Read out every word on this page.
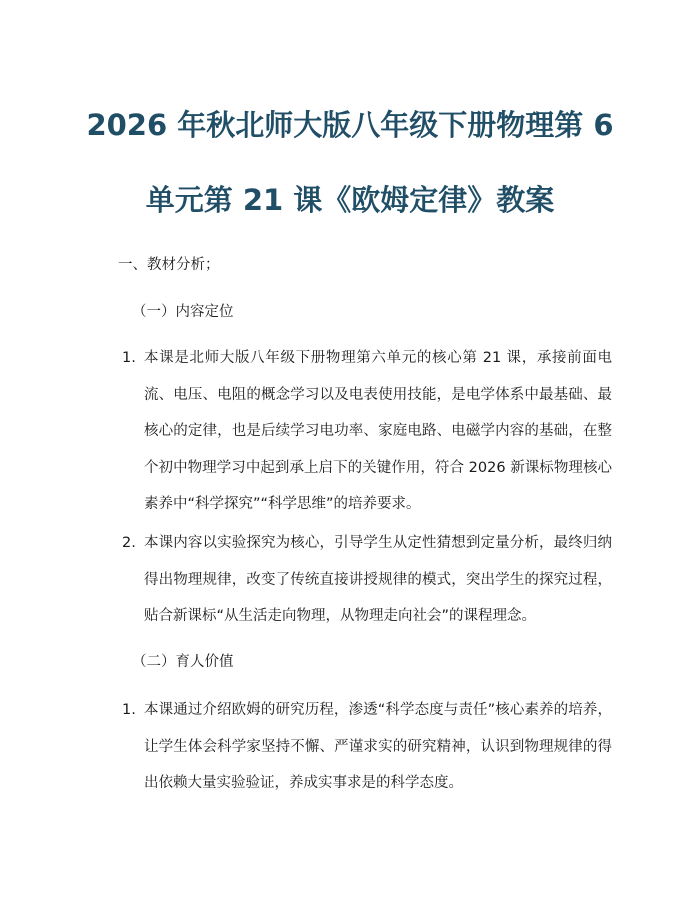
2026 年秋北师大版八年级下册物理第 6
单元第 21 课《欧姆定律》教案
一、教材分析；
（一）内容定位
1. 本课是北师大版八年级下册物理第六单元的核心第 21 课，承接前面电流、电压、电阻的概念学习以及电表使用技能，是电学体系中最基础、最核心的定律，也是后续学习电功率、家庭电路、电磁学内容的基础，在整个初中物理学习中起到承上启下的关键作用，符合 2026 新课标物理核心素养中“科学探究”“科学思维”的培养要求。
2. 本课内容以实验探究为核心，引导学生从定性猜想到定量分析，最终归纳得出物理规律，改变了传统直接讲授规律的模式，突出学生的探究过程，贴合新课标“从生活走向物理，从物理走向社会”的课程理念。
（二）育人价值
1. 本课通过介绍欧姆的研究历程，渗透“科学态度与责任”核心素养的培养，让学生体会科学家坚持不懈、严谨求实的研究精神，认识到物理规律的得出依赖大量实验验证，养成实事求是的科学态度。
